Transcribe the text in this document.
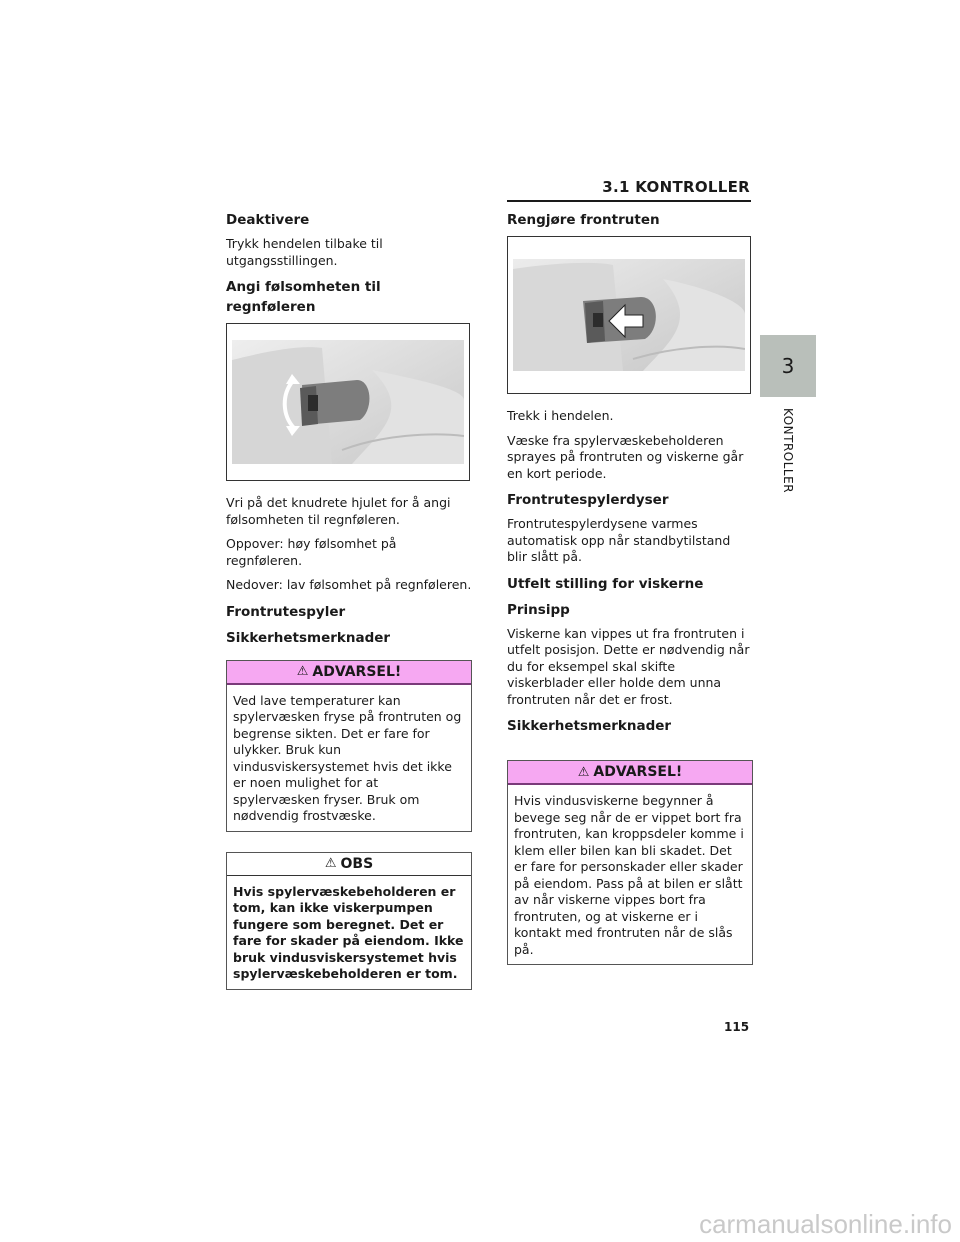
3.1 KONTROLLER
3
KONTROLLER
Deaktivere

Trykk hendelen tilbake til utgangsstillingen.

Angi følsomheten til regnføleren

Vri på det knudrete hjulet for å angi følsomheten til regnføleren.

Oppover: høy følsomhet på regnføleren.

Nedover: lav følsomhet på regnføleren.

Frontrutespyler
Sikkerhetsmerknader
⚠ ADVARSEL!
Ved lave temperaturer kan spylervæsken fryse på frontruten og begrense sikten. Det er fare for ulykker. Bruk kun vindusviskersystemet hvis det ikke er noen mulighet for at spylervæsken fryser. Bruk om nødvendig frostvæske.
⚠ OBS
Hvis spylervæskebeholderen er tom, kan ikke viskerpumpen fungere som beregnet. Det er fare for skader på eiendom. Ikke bruk vindusviskersystemet hvis spylervæskebeholderen er tom.
Rengjøre frontruten

Trekk i hendelen.

Væske fra spylervæskebeholderen sprayes på frontruten og viskerne går en kort periode.

Frontrutespylerdyser

Frontrutespylerdysene varmes automatisk opp når standbytilstand blir slått på.

Utfelt stilling for viskerne
Prinsipp

Viskerne kan vippes ut fra frontruten i utfelt posisjon. Dette er nødvendig når du for eksempel skal skifte viskerblader eller holde dem unna frontruten når det er frost.

Sikkerhetsmerknader
⚠ ADVARSEL!
Hvis vindusviskerne begynner å bevege seg når de er vippet bort fra frontruten, kan kroppsdeler komme i klem eller bilen kan bli skadet. Det er fare for personskader eller skader på eiendom. Pass på at bilen er slått av når viskerne vippes bort fra frontruten, og at viskerne er i kontakt med frontruten når de slås på.
115
carmanualsonline.info
